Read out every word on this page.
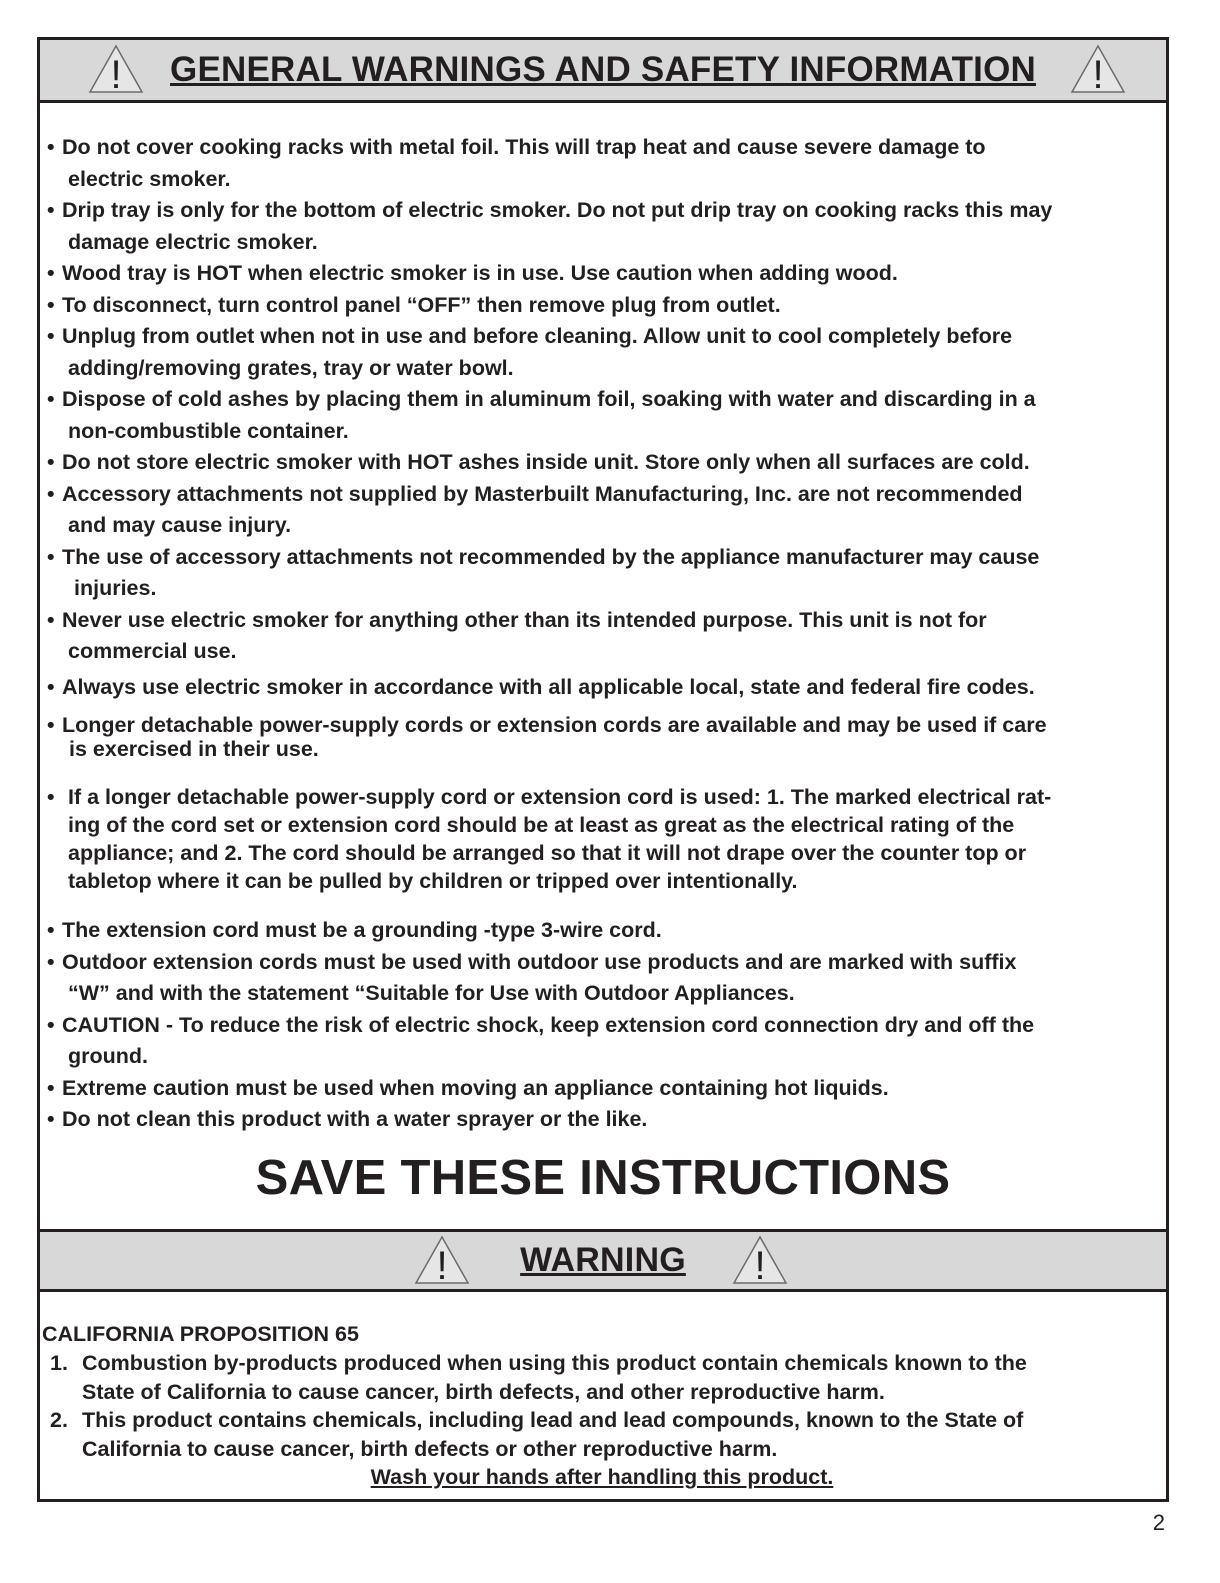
! GENERAL WARNINGS AND SAFETY INFORMATION !
• Do not cover cooking racks with metal foil. This will trap heat and cause severe damage to
electric smoker.
• Drip tray is only for the bottom of electric smoker. Do not put drip tray on cooking racks this may
damage electric smoker.
• Wood tray is HOT when electric smoker is in use. Use caution when adding wood.
• To disconnect, turn control panel “OFF” then remove plug from outlet.
• Unplug from outlet when not in use and before cleaning. Allow unit to cool completely before
adding/removing grates, tray or water bowl.
• Dispose of cold ashes by placing them in aluminum foil, soaking with water and discarding in a
non-combustible container.
• Do not store electric smoker with HOT ashes inside unit. Store only when all surfaces are cold.
• Accessory attachments not supplied by Masterbuilt Manufacturing, Inc. are not recommended
and may cause injury.
• The use of accessory attachments not recommended by the appliance manufacturer may cause
injuries.
• Never use electric smoker for anything other than its intended purpose. This unit is not for
commercial use.
• Always use electric smoker in accordance with all applicable local, state and federal fire codes.
• Longer detachable power-supply cords or extension cords are available and may be used if care
is exercised in their use.
• If a longer detachable power-supply cord or extension cord is used: 1. The marked electrical rat-
ing of the cord set or extension cord should be at least as great as the electrical rating of the
appliance; and 2. The cord should be arranged so that it will not drape over the counter top or
tabletop where it can be pulled by children or tripped over intentionally.
• The extension cord must be a grounding -type 3-wire cord.
• Outdoor extension cords must be used with outdoor use products and are marked with suffix
“W” and with the statement “Suitable for Use with Outdoor Appliances.
• CAUTION - To reduce the risk of electric shock, keep extension cord connection dry and off the
ground.
• Extreme caution must be used when moving an appliance containing hot liquids.
• Do not clean this product with a water sprayer or the like.
SAVE THESE INSTRUCTIONS
! WARNING !
CALIFORNIA PROPOSITION 65
1. Combustion by-products produced when using this product contain chemicals known to the
State of California to cause cancer, birth defects, and other reproductive harm.
2. This product contains chemicals, including lead and lead compounds, known to the State of
California to cause cancer, birth defects or other reproductive harm.
Wash your hands after handling this product.
2
